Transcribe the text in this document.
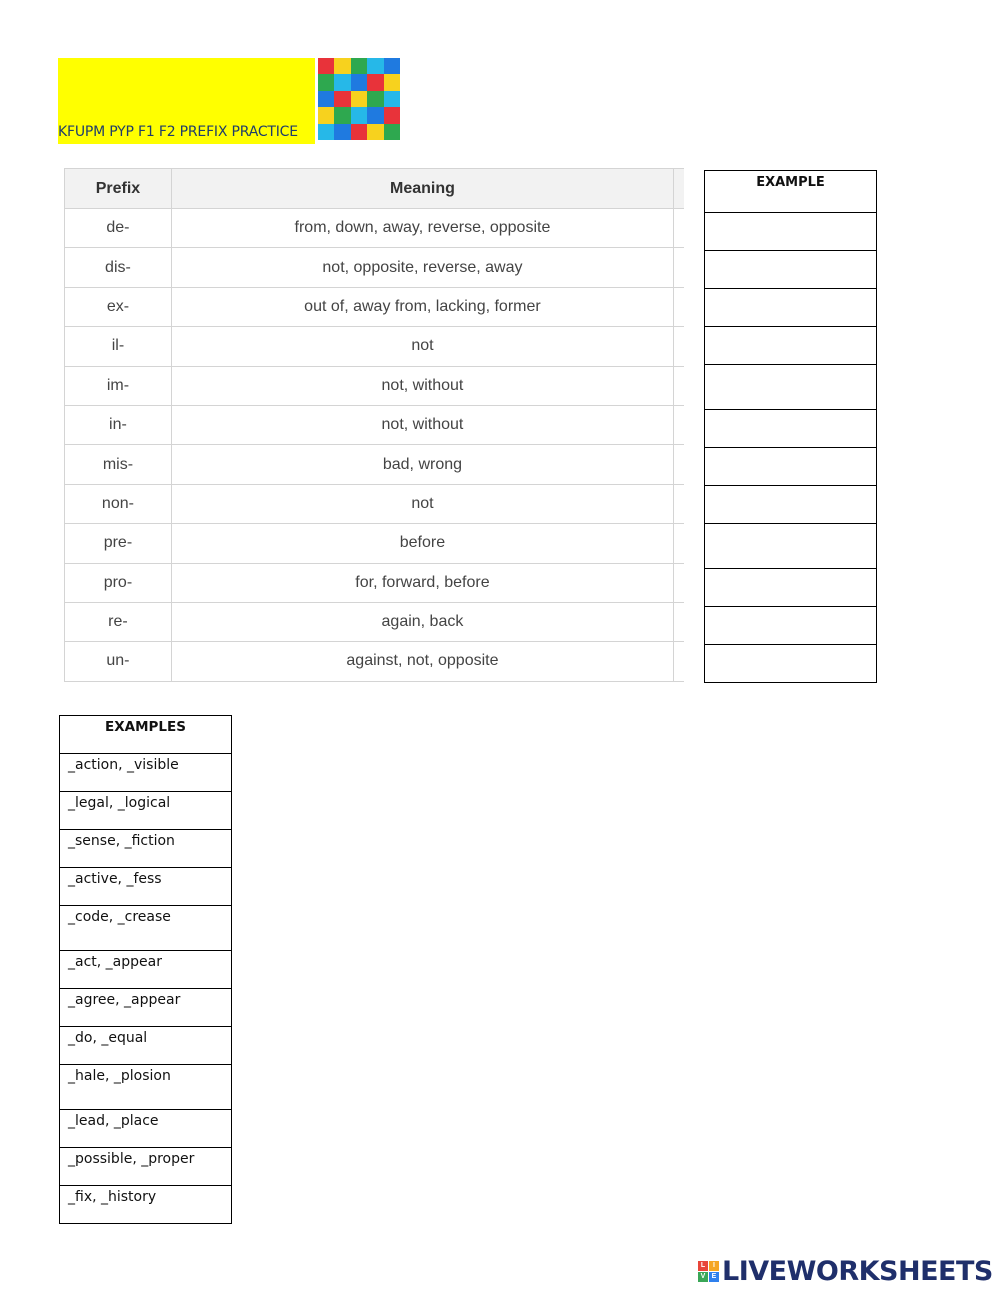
KFUPM PYP F1 F2 PREFIX PRACTICE
Prefix	Meaning	
de-	from, down, away, reverse, opposite	
dis-	not, opposite, reverse, away	
ex-	out of, away from, lacking, former	
il-	not	
im-	not, without	
in-	not, without	
mis-	bad, wrong	
non-	not	
pre-	before	
pro-	for, forward, before	
re-	again, back	
un-	against, not, opposite	
EXAMPLE

EXAMPLES
_action, _visible
_legal, _logical
_sense, _fiction
_active, _fess
_code, _crease
_act, _appear
_agree, _appear
_do, _equal
_hale, _plosion
_lead, _place
_possible, _proper
_fix, _history
L	I
V E LIVEWORKSHEETS
